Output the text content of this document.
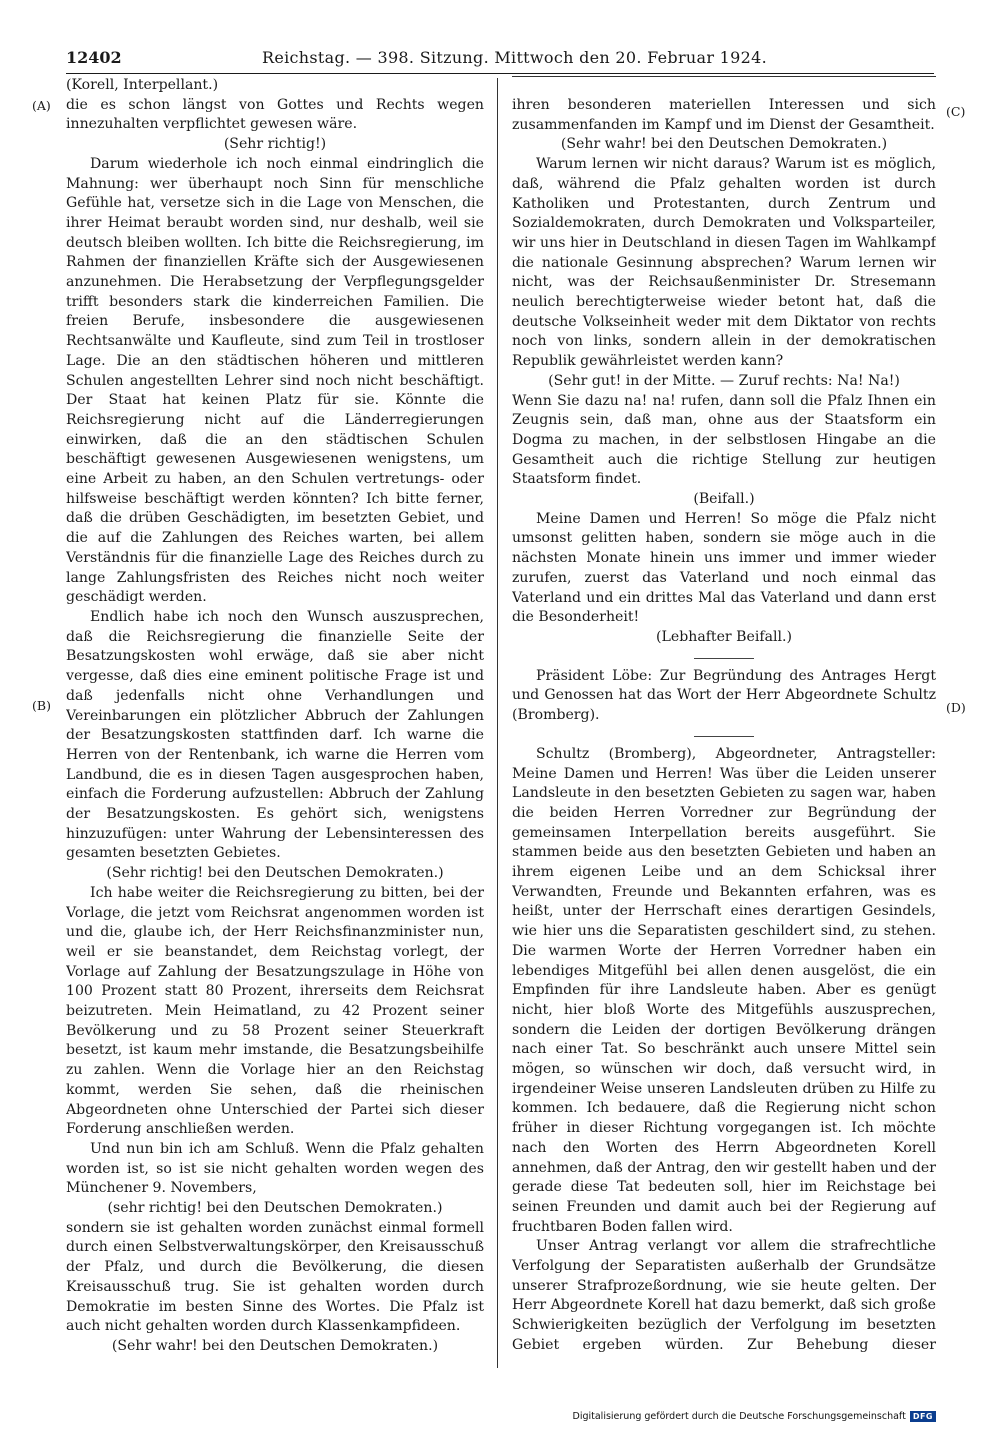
12402	Reichstag. — 398. Sitzung. Mittwoch den 20. Februar 1924.
(A)
(B)
(C)
(D)

(Korell, Interpellant.)

die es schon längst von Gottes und Rechts wegen innezuhalten verpflichtet gewesen wäre.

(Sehr richtig!)

Darum wiederhole ich noch einmal eindringlich die Mahnung: wer überhaupt noch Sinn für menschliche Gefühle hat, versetze sich in die Lage von Menschen, die ihrer Heimat beraubt worden sind, nur deshalb, weil sie deutsch bleiben wollten. Ich bitte die Reichsregierung, im Rahmen der finanziellen Kräfte sich der Ausgewiesenen anzunehmen. Die Herabsetzung der Verpflegungsgelder trifft besonders stark die kinderreichen Familien. Die freien Berufe, insbesondere die ausgewiesenen Rechtsanwälte und Kaufleute, sind zum Teil in trostloser Lage. Die an den städtischen höheren und mittleren Schulen angestellten Lehrer sind noch nicht beschäftigt. Der Staat hat keinen Platz für sie. Könnte die Reichsregierung nicht auf die Länderregierungen einwirken, daß die an den städtischen Schulen beschäftigt gewesenen Ausgewiesenen wenigstens, um eine Arbeit zu haben, an den Schulen vertretungs- oder hilfsweise beschäftigt werden könnten? Ich bitte ferner, daß die drüben Geschädigten, im besetzten Gebiet, und die auf die Zahlungen des Reiches warten, bei allem Verständnis für die finanzielle Lage des Reiches durch zu lange Zahlungsfristen des Reiches nicht noch weiter geschädigt werden.

Endlich habe ich noch den Wunsch auszusprechen, daß die Reichsregierung die finanzielle Seite der Besatzungskosten wohl erwäge, daß sie aber nicht vergesse, daß dies eine eminent politische Frage ist und daß jedenfalls nicht ohne Verhandlungen und Vereinbarungen ein plötzlicher Abbruch der Zahlungen der Besatzungskosten stattfinden darf. Ich warne die Herren von der Rentenbank, ich warne die Herren vom Landbund, die es in diesen Tagen ausgesprochen haben, einfach die Forderung aufzustellen: Abbruch der Zahlung der Besatzungskosten. Es gehört sich, wenigstens hinzuzufügen: unter Wahrung der Lebensinteressen des gesamten besetzten Gebietes.

(Sehr richtig! bei den Deutschen Demokraten.)

Ich habe weiter die Reichsregierung zu bitten, bei der Vorlage, die jetzt vom Reichsrat angenommen worden ist und die, glaube ich, der Herr Reichsfinanzminister nun, weil er sie beanstandet, dem Reichstag vorlegt, der Vorlage auf Zahlung der Besatzungszulage in Höhe von 100 Prozent statt 80 Prozent, ihrerseits dem Reichsrat beizutreten. Mein Heimatland, zu 42 Prozent seiner Bevölkerung und zu 58 Prozent seiner Steuerkraft besetzt, ist kaum mehr imstande, die Besatzungsbeihilfe zu zahlen. Wenn die Vorlage hier an den Reichstag kommt, werden Sie sehen, daß die rheinischen Abgeordneten ohne Unterschied der Partei sich dieser Forderung anschließen werden.

Und nun bin ich am Schluß. Wenn die Pfalz gehalten worden ist, so ist sie nicht gehalten worden wegen des Münchener 9. Novembers,

(sehr richtig! bei den Deutschen Demokraten.)

sondern sie ist gehalten worden zunächst einmal formell durch einen Selbstverwaltungskörper, den Kreisausschuß der Pfalz, und durch die Bevölkerung, die diesen Kreisausschuß trug. Sie ist gehalten worden durch Demokratie im besten Sinne des Wortes. Die Pfalz ist auch nicht gehalten worden durch Klassenkampfideen.

(Sehr wahr! bei den Deutschen Demokraten.)

ihren besonderen materiellen Interessen und sich zusammenfanden im Kampf und im Dienst der Gesamtheit.

(Sehr wahr! bei den Deutschen Demokraten.)

Warum lernen wir nicht daraus? Warum ist es möglich, daß, während die Pfalz gehalten worden ist durch Katholiken und Protestanten, durch Zentrum und Sozialdemokraten, durch Demokraten und Volksparteiler, wir uns hier in Deutschland in diesen Tagen im Wahlkampf die nationale Gesinnung absprechen? Warum lernen wir nicht, was der Reichsaußenminister Dr. Stresemann neulich berechtigterweise wieder betont hat, daß die deutsche Volkseinheit weder mit dem Diktator von rechts noch von links, sondern allein in der demokratischen Republik gewährleistet werden kann?

(Sehr gut! in der Mitte. — Zuruf rechts: Na! Na!)

Wenn Sie dazu na! na! rufen, dann soll die Pfalz Ihnen ein Zeugnis sein, daß man, ohne aus der Staatsform ein Dogma zu machen, in der selbstlosen Hingabe an die Gesamtheit auch die richtige Stellung zur heutigen Staatsform findet.

(Beifall.)

Meine Damen und Herren! So möge die Pfalz nicht umsonst gelitten haben, sondern sie möge auch in die nächsten Monate hinein uns immer und immer wieder zurufen, zuerst das Vaterland und noch einmal das Vaterland und ein drittes Mal das Vaterland und dann erst die Besonderheit!

(Lebhafter Beifall.)

Präsident Löbe: Zur Begründung des Antrages Hergt und Genossen hat das Wort der Herr Abgeordnete Schultz (Bromberg).

Schultz (Bromberg), Abgeordneter, Antragsteller: Meine Damen und Herren! Was über die Leiden unserer Landsleute in den besetzten Gebieten zu sagen war, haben die beiden Herren Vorredner zur Begründung der gemeinsamen Interpellation bereits ausgeführt. Sie stammen beide aus den besetzten Gebieten und haben an ihrem eigenen Leibe und an dem Schicksal ihrer Verwandten, Freunde und Bekannten erfahren, was es heißt, unter der Herrschaft eines derartigen Gesindels, wie hier uns die Separatisten geschildert sind, zu stehen. Die warmen Worte der Herren Vorredner haben ein lebendiges Mitgefühl bei allen denen ausgelöst, die ein Empfinden für ihre Landsleute haben. Aber es genügt nicht, hier bloß Worte des Mitgefühls auszusprechen, sondern die Leiden der dortigen Bevölkerung drängen nach einer Tat. So beschränkt auch unsere Mittel sein mögen, so wünschen wir doch, daß versucht wird, in irgendeiner Weise unseren Landsleuten drüben zu Hilfe zu kommen. Ich bedauere, daß die Regierung nicht schon früher in dieser Richtung vorgegangen ist. Ich möchte nach den Worten des Herrn Abgeordneten Korell annehmen, daß der Antrag, den wir gestellt haben und der gerade diese Tat bedeuten soll, hier im Reichstage bei seinen Freunden und damit auch bei der Regierung auf fruchtbaren Boden fallen wird.

Unser Antrag verlangt vor allem die strafrechtliche Verfolgung der Separatisten außerhalb der Grundsätze unserer Strafprozeßordnung, wie sie heute gelten. Der Herr Abgeordnete Korell hat dazu bemerkt, daß sich große Schwierigkeiten bezüglich der Verfolgung im besetzten Gebiet ergeben würden. Zur Behebung dieser

Digitalisierung gefördert durch die Deutsche Forschungsgemeinschaft DFG
